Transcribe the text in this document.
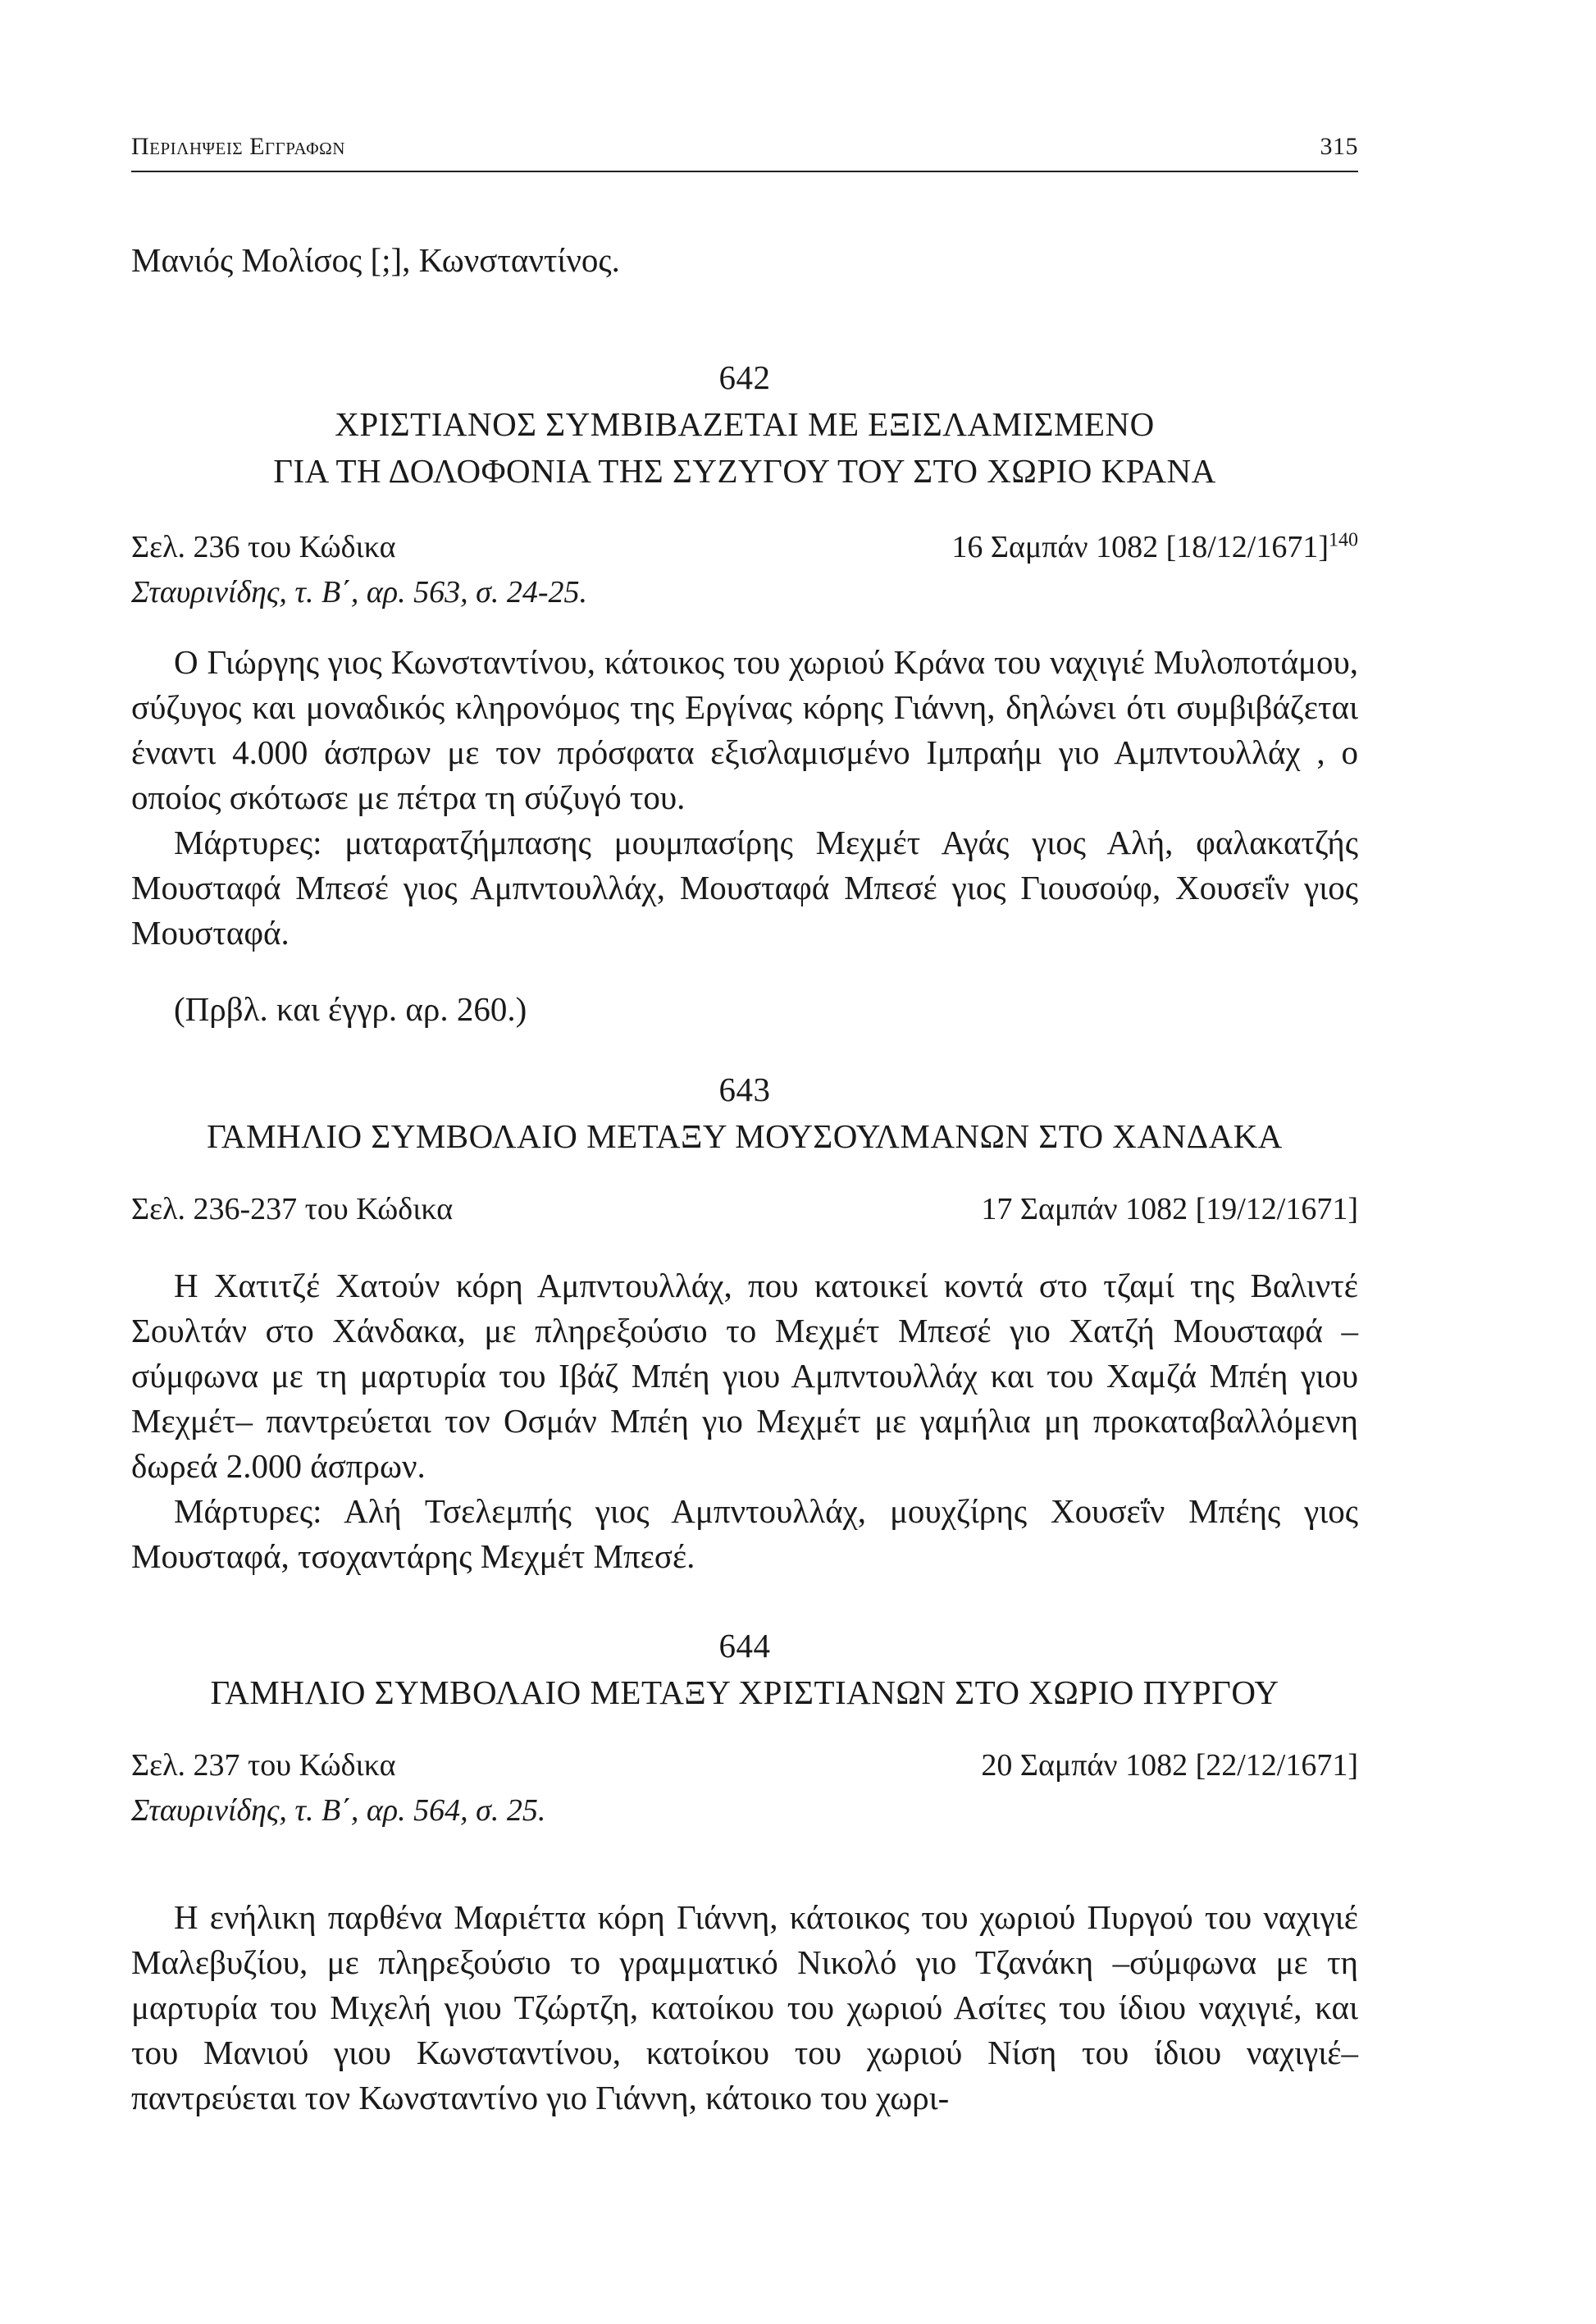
Περιληψεις Εγγραφων	315
Μανιός Μολίσος [;], Κωνσταντίνος.
642
ΧΡΙΣΤΙΑΝΟΣ ΣΥΜΒΙΒΑΖΕΤΑΙ ΜΕ ΕΞΙΣΛΑΜΙΣΜΕΝΟ
ΓΙΑ ΤΗ ΔΟΛΟΦΟΝΙΑ ΤΗΣ ΣΥΖΥΓΟΥ ΤΟΥ ΣΤΟ ΧΩΡΙΟ ΚΡΑΝΑ
Σελ. 236 του Κώδικα	16 Σαμπάν 1082 $[18/12/1671]^{140}$
Σταυρινίδης, τ. Β΄, αρ. 563, σ. 24-25.

Ο Γιώργης γιος Κωνσταντίνου, κάτοικος του χωριού Κράνα του ναχιγιέ Μυλοποτάμου, σύζυγος και μοναδικός κληρονόμος της Εργίνας κόρης Γιάννη, δηλώνει ότι συμβιβάζεται έναντι 4.000 άσπρων με τον πρόσφατα εξισλαμισμένο Ιμπραήμ γιο Αμπντουλλάχ , ο οποίος σκότωσε με πέτρα τη σύζυγό του.

Μάρτυρες: ματαρατζήμπασης μουμπασίρης Μεχμέτ Αγάς γιος Αλή, φαλακατζής Μουσταφά Μπεσέ γιος Αμπντουλλάχ, Μουσταφά Μπεσέ γιος Γιουσούφ, Χουσεΐν γιος Μουσταφά.

(Πρβλ. και έγγρ. αρ. 260.)
643
ΓΑΜΗΛΙΟ ΣΥΜΒΟΛΑΙΟ ΜΕΤΑΞΥ ΜΟΥΣΟΥΛΜΑΝΩΝ ΣΤΟ ΧΑΝΔΑΚΑ
Σελ. 236-237 του Κώδικα	17 Σαμπάν 1082 [19/12/1671]

Η Χατιτζέ Χατούν κόρη Αμπντουλλάχ, που κατοικεί κοντά στο τζαμί της Βαλιντέ Σουλτάν στο Χάνδακα, με πληρεξούσιο το Μεχμέτ Μπεσέ γιο Χατζή Μουσταφά –σύμφωνα με τη μαρτυρία του Ιβάζ Μπέη γιου Αμπντουλλάχ και του Χαμζά Μπέη γιου Μεχμέτ– παντρεύεται τον Οσμάν Μπέη γιο Μεχμέτ με γαμήλια μη προκαταβαλλόμενη δωρεά 2.000 άσπρων.

Μάρτυρες: Αλή Τσελεμπής γιος Αμπντουλλάχ, μουχζίρης Χουσεΐν Μπέης γιος Μουσταφά, τσοχαντάρης Μεχμέτ Μπεσέ.

644
ΓΑΜΗΛΙΟ ΣΥΜΒΟΛΑΙΟ ΜΕΤΑΞΥ ΧΡΙΣΤΙΑΝΩΝ ΣΤΟ ΧΩΡΙΟ ΠΥΡΓΟΥ
Σελ. 237 του Κώδικα	20 Σαμπάν 1082 [22/12/1671]
Σταυρινίδης, τ. Β΄, αρ. 564, σ. 25.

Η ενήλικη παρθένα Μαριέττα κόρη Γιάννη, κάτοικος του χωριού Πυργού του ναχιγιέ Μαλεβυζίου, με πληρεξούσιο το γραμματικό Νικολό γιο Τζανάκη –σύμφωνα με τη μαρτυρία του Μιχελή γιου Τζώρτζη, κατοίκου του χωριού Ασίτες του ίδιου ναχιγιέ, και του Μανιού γιου Κωνσταντίνου, κατοίκου του χωριού Νίση του ίδιου ναχιγιέ– παντρεύεται τον Κωνσταντίνο γιο Γιάννη, κάτοικο του χωρι-
